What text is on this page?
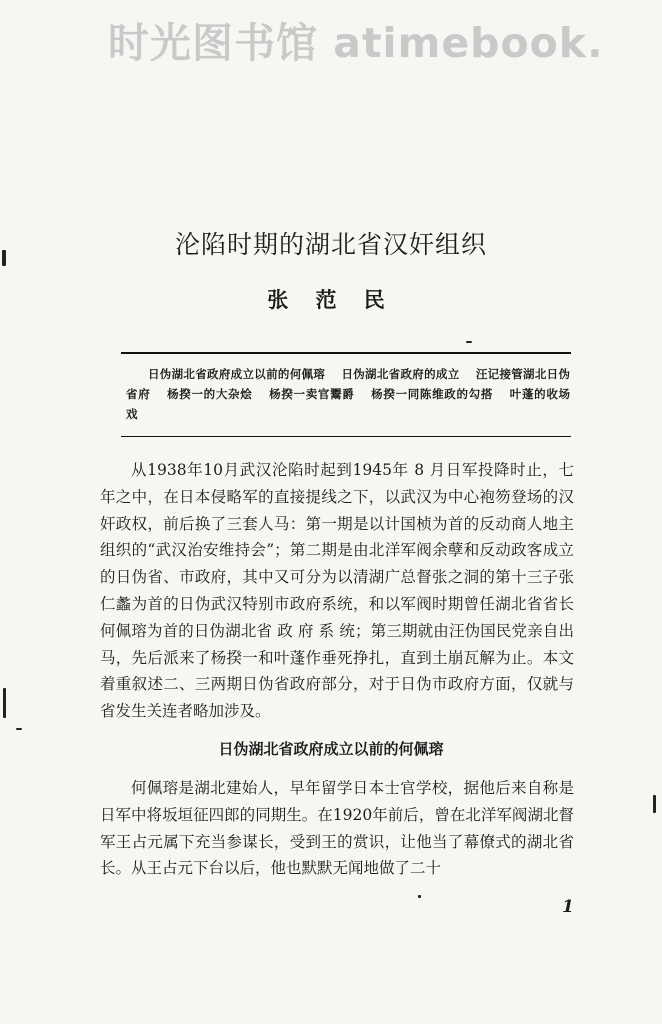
时光图书馆 atimebook.
沦陷时期的湖北省汉奸组织
张 范 民
日伪湖北省政府成立以前的何佩瑢 日伪湖北省政府的成立 汪记接管湖北日伪省府 杨揆一的大杂烩 杨揆一卖官鬻爵 杨揆一同陈维政的勾搭 叶蓬的收场戏

从1938年10月武汉沦陷时起到1945年 8 月日军投降时止，七年之中，在日本侵略军的直接提线之下，以武汉为中心袍笏登场的汉奸政权，前后换了三套人马：第一期是以计国桢为首的反动商人地主组织的“武汉治安维持会”；第二期是由北洋军阀余孽和反动政客成立的日伪省、市政府，其中又可分为以清湖广总督张之洞的第十三子张仁蠡为首的日伪武汉特别市政府系统，和以军阀时期曾任湖北省省长何佩瑢为首的日伪湖北省 政 府 系 统；第三期就由汪伪国民党亲自出马，先后派来了杨揆一和叶蓬作垂死挣扎，直到土崩瓦解为止。本文着重叙述二、三两期日伪省政府部分，对于日伪市政府方面，仅就与省发生关连者略加涉及。

日伪湖北省政府成立以前的何佩瑢

何佩瑢是湖北建始人，早年留学日本士官学校，据他后来自称是日军中将坂垣征四郎的同期生。在1920年前后，曾在北洋军阀湖北督军王占元属下充当参谋长，受到王的赏识，让他当了幕僚式的湖北省长。从王占元下台以后，他也默默无闻地做了二十

1
